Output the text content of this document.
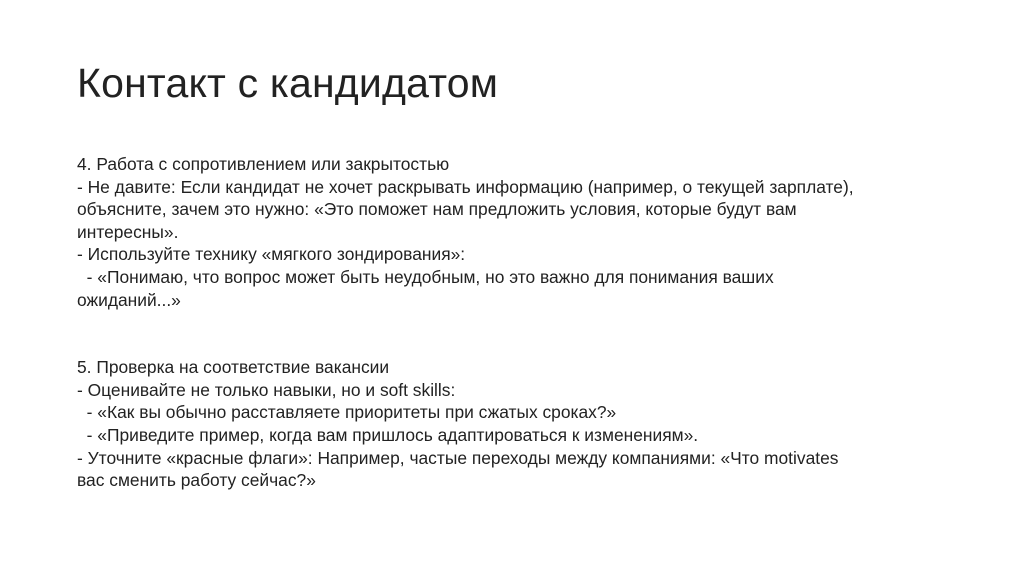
Контакт с кандидатом
4. Работа с сопротивлением или закрытостью
- Не давите: Если кандидат не хочет раскрывать информацию (например, о текущей зарплате),
объясните, зачем это нужно: «Это поможет нам предложить условия, которые будут вам
интересны».
- Используйте технику «мягкого зондирования»:
- «Понимаю, что вопрос может быть неудобным, но это важно для понимания ваших
ожиданий...»
5. Проверка на соответствие вакансии
- Оценивайте не только навыки, но и soft skills:
- «Как вы обычно расставляете приоритеты при сжатых сроках?»
- «Приведите пример, когда вам пришлось адаптироваться к изменениям».
- Уточните «красные флаги»: Например, частые переходы между компаниями: «Что motivates
вас сменить работу сейчас?»
